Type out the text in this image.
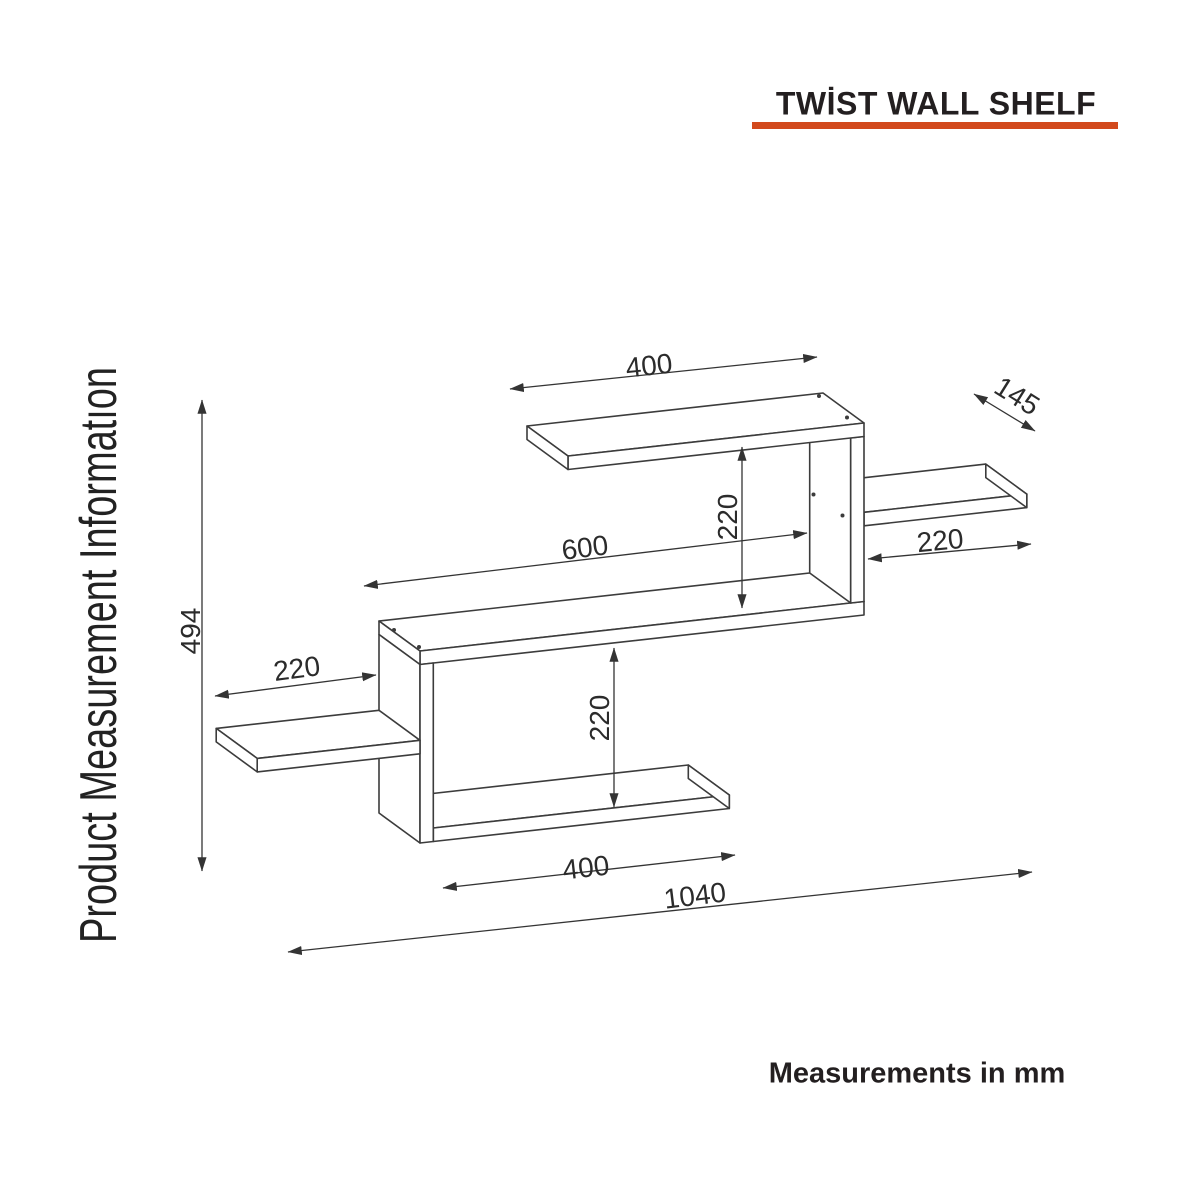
TWİST WALL SHELF
Product Measurement Informatıon
400
145
220
600	220
494
220
220
400
1040
Measurements in mm
